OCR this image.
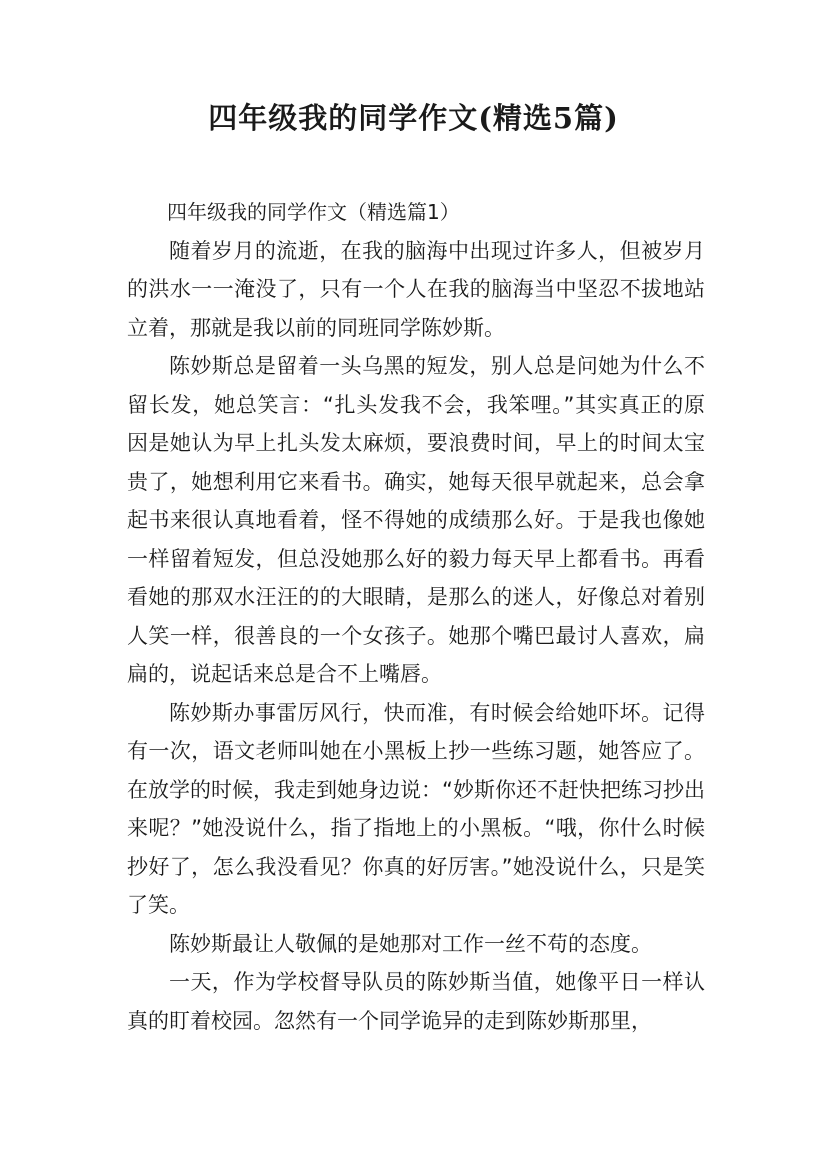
四年级我的同学作文(精选5篇)

四年级我的同学作文（精选篇1）

随着岁月的流逝，在我的脑海中出现过许多人，但被岁月的洪水一一淹没了，只有一个人在我的脑海当中坚忍不拔地站立着，那就是我以前的同班同学陈妙斯。

陈妙斯总是留着一头乌黑的短发，别人总是问她为什么不留长发，她总笑言：“扎头发我不会，我笨哩。”其实真正的原因是她认为早上扎头发太麻烦，要浪费时间，早上的时间太宝贵了，她想利用它来看书。确实，她每天很早就起来，总会拿起书来很认真地看着，怪不得她的成绩那么好。于是我也像她一样留着短发，但总没她那么好的毅力每天早上都看书。再看看她的那双水汪汪的的大眼睛，是那么的迷人，好像总对着别人笑一样，很善良的一个女孩子。她那个嘴巴最讨人喜欢，扁扁的，说起话来总是合不上嘴唇。

陈妙斯办事雷厉风行，快而准，有时候会给她吓坏。记得有一次，语文老师叫她在小黑板上抄一些练习题，她答应了。在放学的时候，我走到她身边说：“妙斯你还不赶快把练习抄出来呢？”她没说什么，指了指地上的小黑板。“哦，你什么时候抄好了，怎么我没看见？你真的好厉害。”她没说什么，只是笑了笑。

陈妙斯最让人敬佩的是她那对工作一丝不苟的态度。

一天，作为学校督导队员的陈妙斯当值，她像平日一样认真的盯着校园。忽然有一个同学诡异的走到陈妙斯那里，
